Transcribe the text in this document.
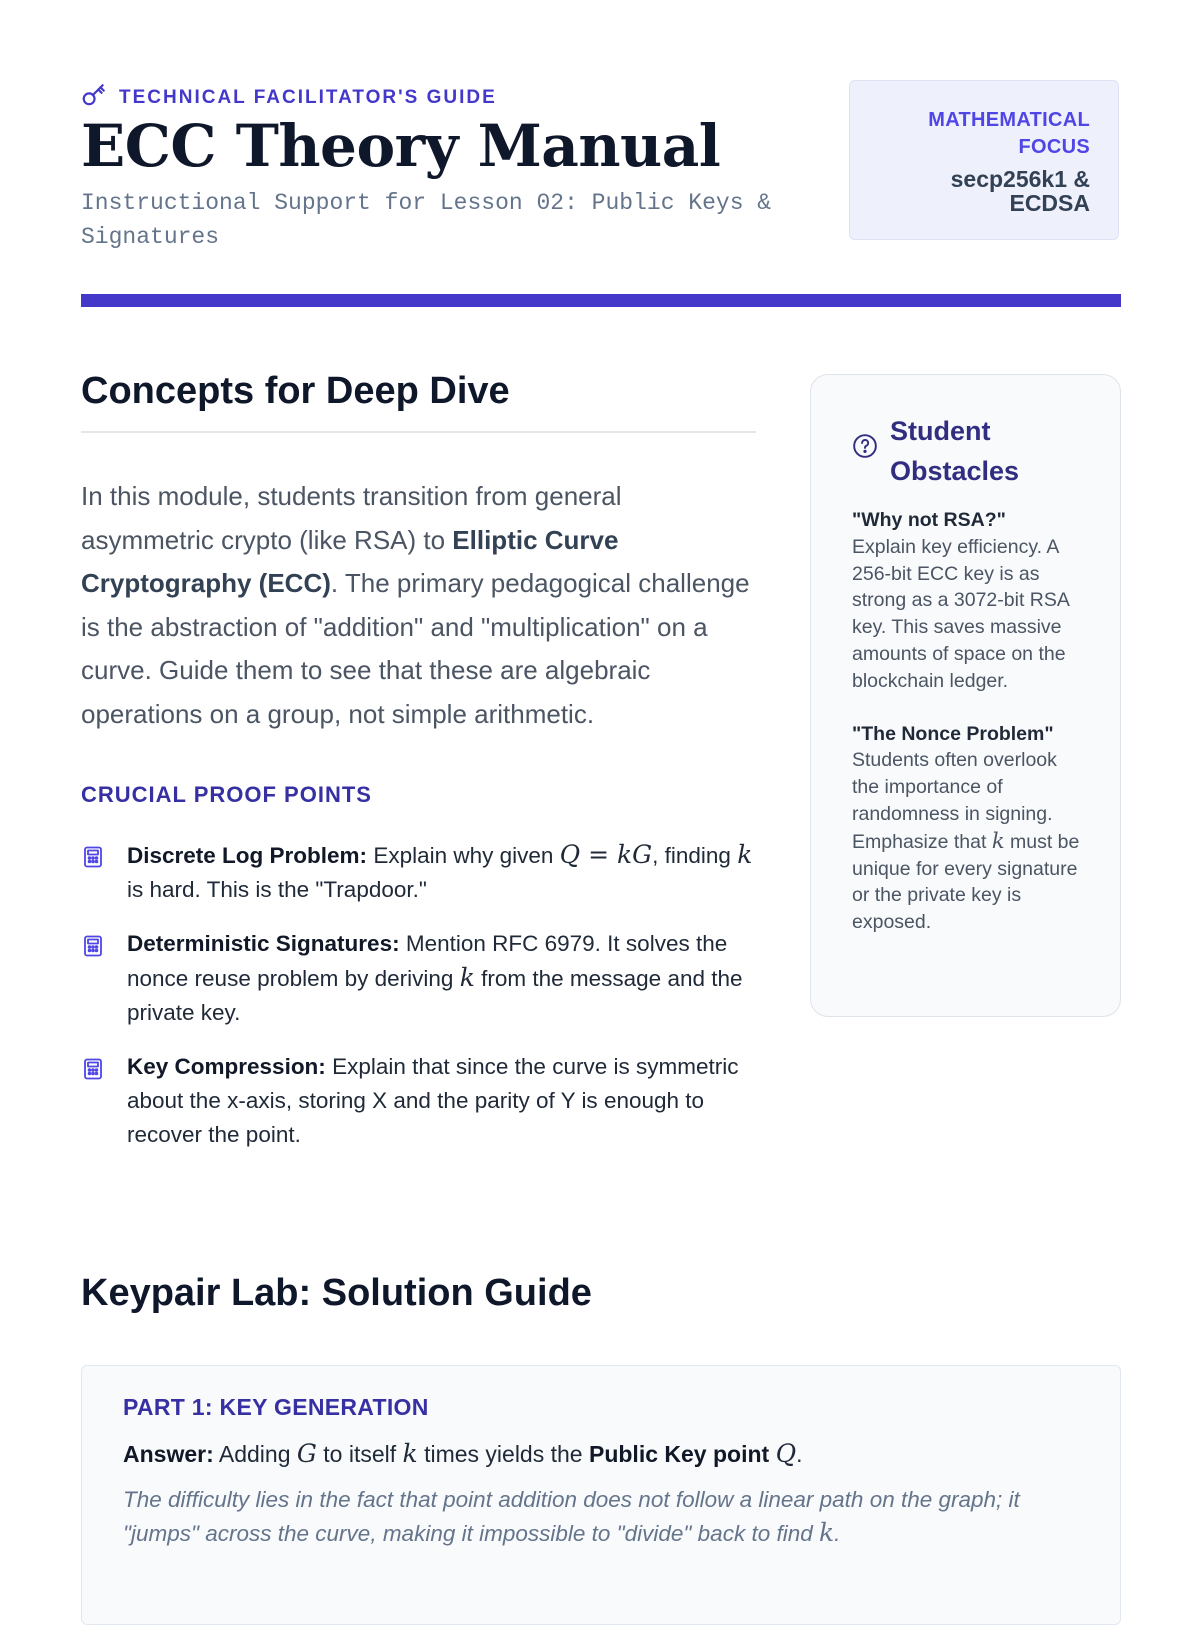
TECHNICAL FACILITATOR'S GUIDE
ECC Theory Manual

Instructional Support for Lesson 02: Public Keys & Signatures

MATHEMATICAL
FOCUS
secp256k1 &
ECDSA
Concepts for Deep Dive

In this module, students transition from general asymmetric crypto (like RSA) to Elliptic Curve Cryptography (ECC). The primary pedagogical challenge is the abstraction of "addition" and "multiplication" on a curve. Guide them to see that these are algebraic operations on a group, not simple arithmetic.

CRUCIAL PROOF POINTS
Discrete Log Problem: Explain why given Q = kG, finding k is hard. This is the "Trapdoor."
Deterministic Signatures: Mention RFC 6979. It solves the nonce reuse problem by deriving k from the message and the private key.
Key Compression: Explain that since the curve is symmetric about the x-axis, storing X and the parity of Y is enough to recover the point.
Student Obstacles
"Why not RSA?"
Explain key efficiency. A 256-bit ECC key is as strong as a 3072-bit RSA key. This saves massive amounts of space on the blockchain ledger.
"The Nonce Problem"
Students often overlook the importance of randomness in signing. Emphasize that k must be unique for every signature or the private key is exposed.
Keypair Lab: Solution Guide
PART 1: KEY GENERATION
Answer: Adding G to itself k times yields the Public Key point Q.
The difficulty lies in the fact that point addition does not follow a linear path on the graph; it "jumps" across the curve, making it impossible to "divide" back to find k.
